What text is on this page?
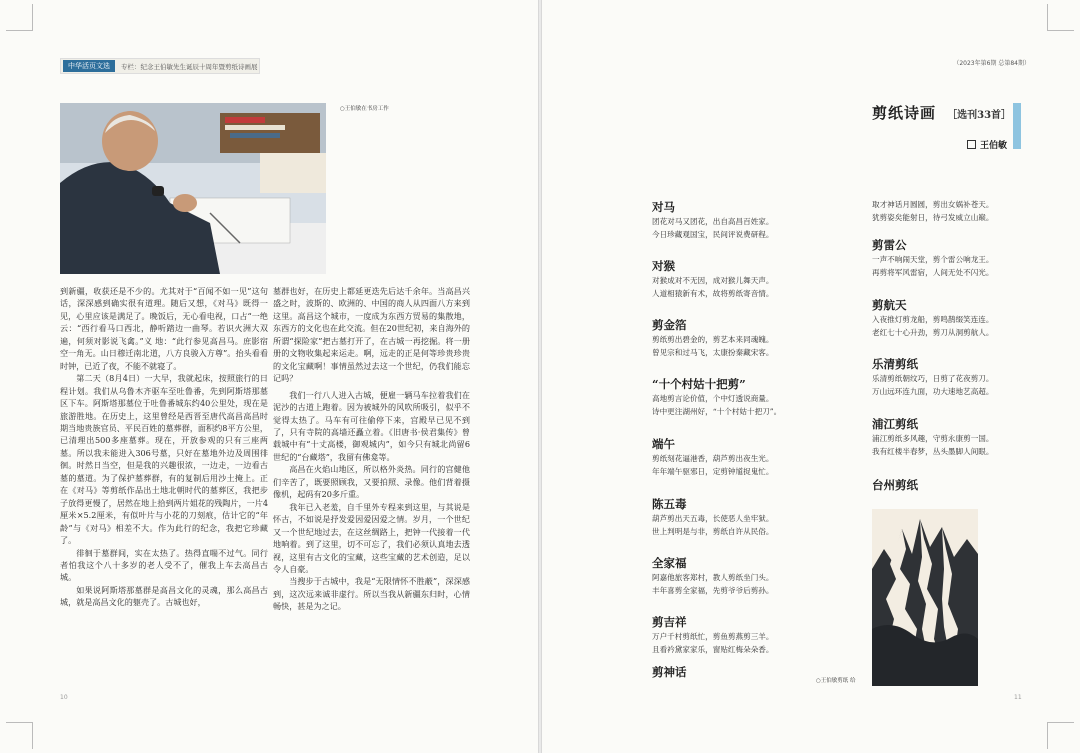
中华活页文选	专栏：纪念王伯敏先生诞辰十周年暨剪纸诗画展	（2023年第6期 总第84期）
○王伯敏在书房工作

到新疆，收获还是不少的。尤其对于“百闻不如一见”这句话，深深感到确实很有道理。随后又想，《对马》既得一见，心里应该是满足了。晚饭后，无心看电视，口占“一绝云：“西行看马口西北，静听踏边一曲琴。若识火洲大双遍，何须对影说飞禽。”义 地：“此行参见高昌马。庶影宿空一角无。山日穆迁南北道，八方良骏入方尊”。抬头看看时钟，已近了夜，不能不就寝了。

第二天（8月4日）一大早，我就起床，按照旅行的日程计划。我们从乌鲁木齐驱车至吐鲁番，先到阿斯塔那墓区下车。阿斯塔那墓位于吐鲁番城东约40公里处，现在是旅游胜地。在历史上，这里曾经是西晋至唐代高昌高昌时期当地贵族官员、平民百姓的墓葬群，面积约8平方公里，已清理出500多座墓葬。现在，开放参观的只有三座两墓。所以我未能进入306号墓，只好在墓地外边及周围徘徊。时然日当空，但是我的兴趣很浓，一边走，一边看古墓的墓道。为了保护墓葬群，有的复制后用沙土掩上。正在《对马》等剪纸作品出土地北朝时代的墓葬区，我把步子放得更慢了，居然在地上拾到两片姐花的残陶片，一片4厘米×5.2厘米，有似叶片与小花的刀刻痕，估计它的“年龄”与《对马》相差不大。作为此行的纪念，我把它珍藏了。

徘徊于墓群间，实在太热了。热得直喘不过气。同行者怕我这个八十多岁的老人受不了，催我上车去高昌古城。

如果说阿斯塔那墓群是高昌文化的灵魂，那么高昌古城，就是高昌文化的躯壳了。古城也好，

墓群也好，在历史上都延更迭先后达千余年。当高昌兴盛之时，波斯的、欧洲的、中国的商人从四面八方来到这里。高昌这个城市，一度成为东西方贸易的集散地，东西方的文化也在此交流。但在20世纪初，来自海外的所谓“探险家”把古墓打开了，在古城一再挖掘。将一册册的文物收集起来运走。啊，远走的正是何等珍贵珍贵的文化宝藏啊！事情虽然过去这一个世纪，仍我们能忘记吗？

我们一行八人进入古城，便雇一辆马车拉着我们在泥沙的古道上跑着。因为被城外的风吹所吸引，似乎不觉得太热了。马车有可往偷停下来，宫殿早已见不到了，只有寺院的高墙还矗立着。《旧唐书·侯君集传》曾载城中有“十丈高楼，御观城内”，如今只有城北尚留6世纪的“台藏塔”，我留有佛龛等。

高昌在火焰山地区，所以格外炎热。同行的宫健他们辛苦了，既要照顾我，又要拍照、录像。他们背着摄像机，起码有20多斤重。

我年已入老羞，自千里外专程来到这里，与其说是怀古，不如说是抒发爱因爱因爱之情。岁月，一个世纪又一个世纪地过去，在这丝绸路上，把钟一代接着一代地响着。到了这里，切不可忘了，我们必须认真地去透视，这里有古文化的宝藏，这些宝藏的艺术创造，足以令人自豪。

当搜步于古城中，我是“无限情怀不胜蔽”，深深感到，这次远来诚非虚行。所以当我从新疆东归时，心情畅快，甚是为之记。

10	11
剪纸诗画 ［选刊33首］
王伯敏
对马
团花对马又团花，出自高昌百姓家。
今日珍藏观国宝，民间评说费研程。
对猴
对猴成对不无因，成对猴儿舞天声。
人道相猿新有术，故将剪纸寄音情。
剪金箔
剪纸剪出碧金的，剪艺本来同魂魄。
曾见宗和过马飞，太康扮秦藏宋客。
“十个村姑十把剪”
高地剪言论价值，个中灯透说商量。
诗中更注湖州好，“十个村姑十把刀”。
端午
剪纸刻花逼港香，葫芦剪出夜生光。
年年端午驱邪日，定剪钟馗捉鬼忙。
陈五毒
葫芦剪出天五毒，长使恶人坐牢狱。
世上判明是与非，剪纸自许从民俗。
全家福
阿嘉他旅客郑村，教人剪纸坐门头。
丰年喜剪全家福，先剪爷爷后剪孙。
剪吉祥
万户千村剪纸忙，剪鱼剪燕剪三羊。
且看衿黛家家乐，窗贴红梅朵朵香。
剪神话
取才神话月圆圆，剪出女娲补苍天。
犹剪姿矣能射日，待弓发威立山巅。
剪雷公
一声不响闹天堂，剪个雷公响龙王。
再剪将军风雷宿，人间无处不闪光。
剪航天
入夜推灯剪龙船，剪鸣鹊缀笑连连。
老红七十心升劲，剪刀从洞剪航人。
乐清剪纸
乐清剪纸朝纹巧，日剪了花夜剪刀。
万山远环连九面，功大速地艺高超。
浦江剪纸
浦江剪纸多风趣，守剪永康剪一国。
我有红楼半春梦，丛头墨脚人间眼。
台州剪纸
○王伯敏剪纸 给
